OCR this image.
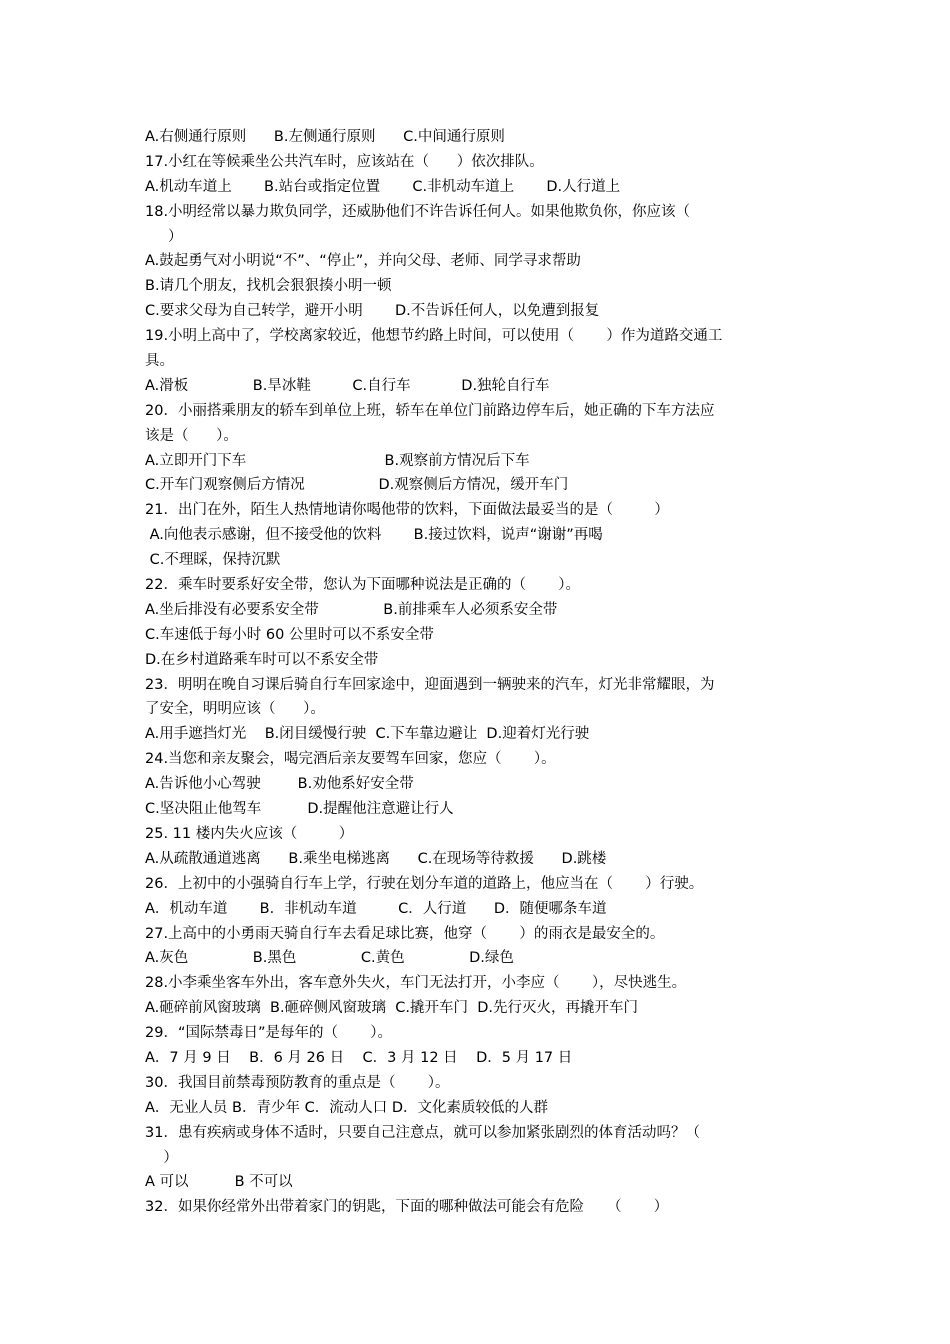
A.右侧通行原则      B.左侧通行原则      C.中间通行原则
17.小红在等候乘坐公共汽车时，应该站在（      ）依次排队。
A.机动车道上       B.站台或指定位置       C.非机动车道上       D.人行道上
18.小明经常以暴力欺负同学，还威胁他们不许告诉任何人。如果他欺负你，你应该（
）
A.鼓起勇气对小明说“不”、“停止”，并向父母、老师、同学寻求帮助
B.请几个朋友，找机会狠狠揍小明一顿
C.要求父母为自己转学，避开小明       D.不告诉任何人，以免遭到报复
19.小明上高中了，学校离家较近，他想节约路上时间，可以使用（       ）作为道路交通工
具。
A.滑板              B.旱冰鞋         C.自行车           D.独轮自行车
20．小丽搭乘朋友的轿车到单位上班，轿车在单位门前路边停车后，她正确的下车方法应
该是（      ）。
A.立即开门下车                              B.观察前方情况后下车
C.开车门观察侧后方情况                D.观察侧后方情况，缓开车门
21．出门在外，陌生人热情地请你喝他带的饮料，下面做法最妥当的是（         ）
A.向他表示感谢，但不接受他的饮料       B.接过饮料，说声“谢谢”再喝
C.不理睬，保持沉默
22．乘车时要系好安全带，您认为下面哪种说法是正确的（       ）。
A.坐后排没有必要系安全带              B.前排乘车人必须系安全带
C.车速低于每小时 60 公里时可以不系安全带
D.在乡村道路乘车时可以不系安全带
23．明明在晚自习课后骑自行车回家途中，迎面遇到一辆驶来的汽车，灯光非常耀眼，为
了安全，明明应该（      ）。
A.用手遮挡灯光    B.闭目缓慢行驶  C.下车靠边避让  D.迎着灯光行驶
24.当您和亲友聚会，喝完酒后亲友要驾车回家，您应（       ）。
A.告诉他小心驾驶        B.劝他系好安全带
C.坚决阻止他驾车          D.提醒他注意避让行人
25. 11 楼内失火应该（         ）
A.从疏散通道逃离      B.乘坐电梯逃离      C.在现场等待救援      D.跳楼
26．上初中的小强骑自行车上学，行驶在划分车道的道路上，他应当在（       ）行驶。
A．机动车道       B．非机动车道         C．人行道      D．随便哪条车道
27.上高中的小勇雨天骑自行车去看足球比赛，他穿（       ）的雨衣是最安全的。
A.灰色              B.黑色              C.黄色              D.绿色
28.小李乘坐客车外出，客车意外失火，车门无法打开，小李应（       ），尽快逃生。
A.砸碎前风窗玻璃  B.砸碎侧风窗玻璃  C.撬开车门  D.先行灭火，再撬开车门
29．“国际禁毒日”是每年的（       ）。
A．7 月 9 日    B．6 月 26 日    C．3 月 12 日    D．5 月 17 日
30．我国目前禁毒预防教育的重点是（       ）。
A．无业人员 B．青少年 C．流动人口 D．文化素质较低的人群
31．患有疾病或身体不适时，只要自己注意点，就可以参加紧张剧烈的体育活动吗？（
）
A 可以          B 不可以
32．如果你经常外出带着家门的钥匙，下面的哪种做法可能会有危险     （       ）
